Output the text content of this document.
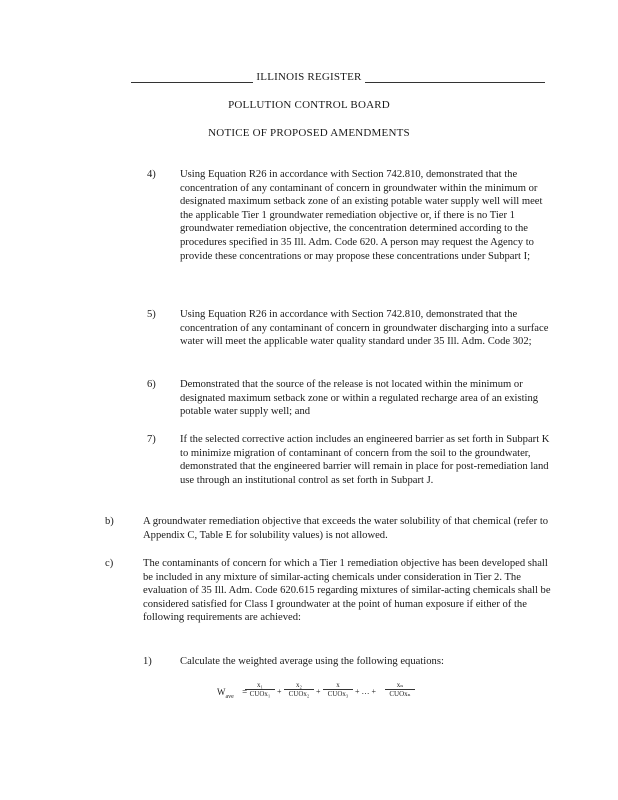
ILLINOIS REGISTER
POLLUTION CONTROL BOARD
NOTICE OF PROPOSED AMENDMENTS
4) Using Equation R26 in accordance with Section 742.810, demonstrated that the concentration of any contaminant of concern in groundwater within the minimum or designated maximum setback zone of an existing potable water supply well will meet the applicable Tier 1 groundwater remediation objective or, if there is no Tier 1 groundwater remediation objective, the concentration determined according to the procedures specified in 35 Ill. Adm. Code 620. A person may request the Agency to provide these concentrations or may propose these concentrations under Subpart I;
5) Using Equation R26 in accordance with Section 742.810, demonstrated that the concentration of any contaminant of concern in groundwater discharging into a surface water will meet the applicable water quality standard under 35 Ill. Adm. Code 302;
6) Demonstrated that the source of the release is not located within the minimum or designated maximum setback zone or within a regulated recharge area of an existing potable water supply well; and
7) If the selected corrective action includes an engineered barrier as set forth in Subpart K to minimize migration of contaminant of concern from the soil to the groundwater, demonstrated that the engineered barrier will remain in place for post-remediation land use through an institutional control as set forth in Subpart J.
b)	A groundwater remediation objective that exceeds the water solubility of that chemical (refer to Appendix C, Table E for solubility values) is not allowed.
c)	The contaminants of concern for which a Tier 1 remediation objective has been developed shall be included in any mixture of similar-acting chemicals under consideration in Tier 2. The evaluation of 35 Ill. Adm. Code 620.615 regarding mixtures of similar-acting chemicals shall be considered satisfied for Class I groundwater at the point of human exposure if either of the following requirements are achieved:
1)	Calculate the weighted average using the following equations:
$W_{ave}$ =
x₁
CUOx₁ +
x₂
CUOx₂ +
x
CUOx₃ + … +
xₙ
CUOxₙ
